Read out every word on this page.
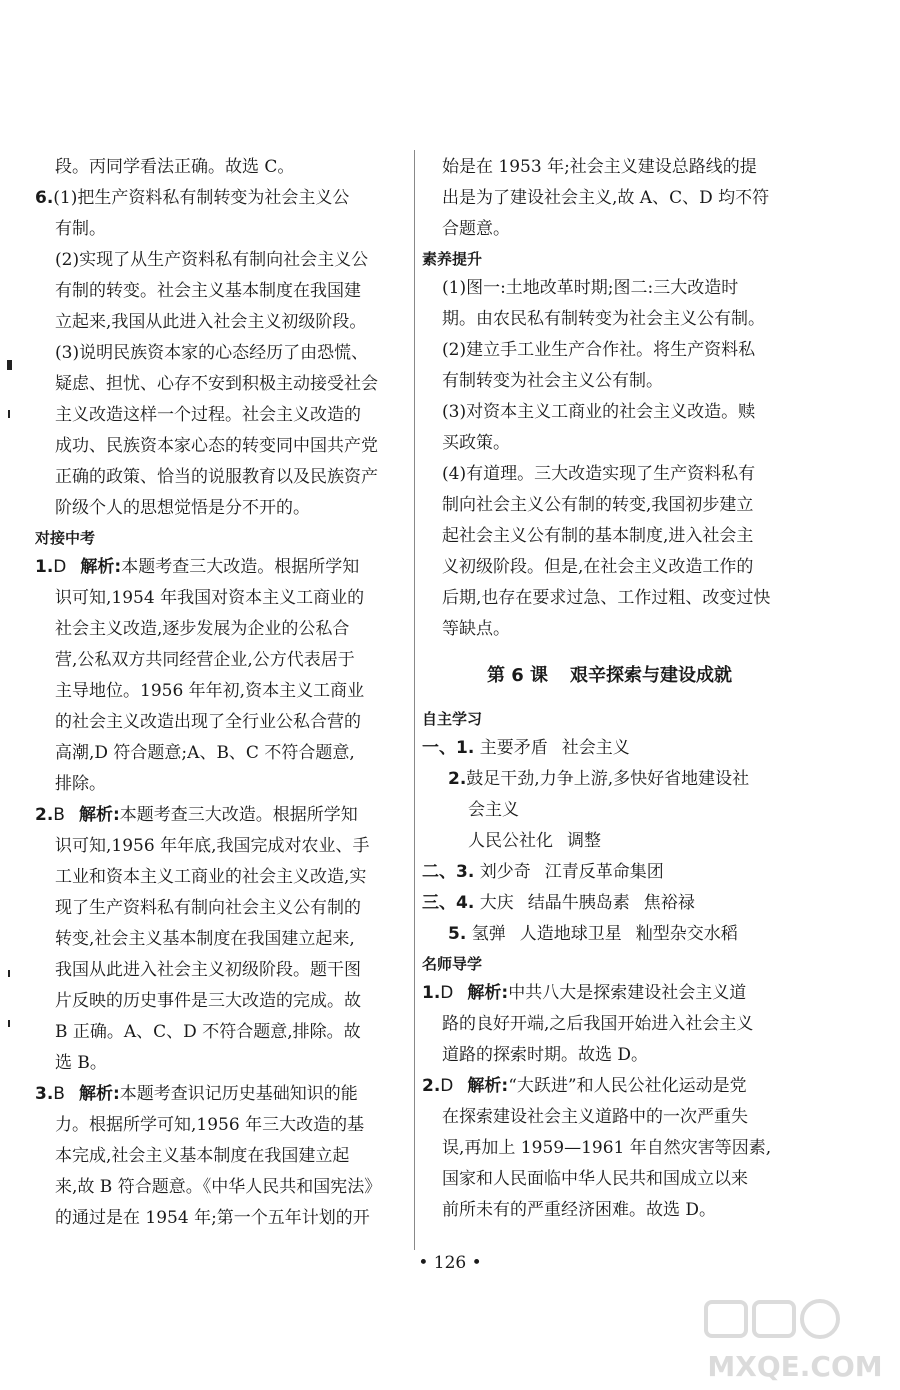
段。丙同学看法正确。故选 C。
6.(1)把生产资料私有制转变为社会主义公
有制。
(2)实现了从生产资料私有制向社会主义公
有制的转变。社会主义基本制度在我国建
立起来,我国从此进入社会主义初级阶段。
(3)说明民族资本家的心态经历了由恐慌、
疑虑、担忧、心存不安到积极主动接受社会
主义改造这样一个过程。社会主义改造的
成功、民族资本家心态的转变同中国共产党
正确的政策、恰当的说服教育以及民族资产
阶级个人的思想觉悟是分不开的。
对接中考
1.D 解析:本题考查三大改造。根据所学知
识可知,1954 年我国对资本主义工商业的
社会主义改造,逐步发展为企业的公私合
营,公私双方共同经营企业,公方代表居于
主导地位。1956 年年初,资本主义工商业
的社会主义改造出现了全行业公私合营的
高潮,D 符合题意;A、B、C 不符合题意,
排除。
2.B 解析:本题考查三大改造。根据所学知
识可知,1956 年年底,我国完成对农业、手
工业和资本主义工商业的社会主义改造,实
现了生产资料私有制向社会主义公有制的
转变,社会主义基本制度在我国建立起来,
我国从此进入社会主义初级阶段。题干图
片反映的历史事件是三大改造的完成。故
B 正确。A、C、D 不符合题意,排除。故
选 B。
3.B 解析:本题考查识记历史基础知识的能
力。根据所学可知,1956 年三大改造的基
本完成,社会主义基本制度在我国建立起
来,故 B 符合题意。《中华人民共和国宪法》
的通过是在 1954 年;第一个五年计划的开
始是在 1953 年;社会主义建设总路线的提
出是为了建设社会主义,故 A、C、D 均不符
合题意。
素养提升
(1)图一:土地改革时期;图二:三大改造时
期。由农民私有制转变为社会主义公有制。
(2)建立手工业生产合作社。将生产资料私
有制转变为社会主义公有制。
(3)对资本主义工商业的社会主义改造。赎
买政策。
(4)有道理。三大改造实现了生产资料私有
制向社会主义公有制的转变,我国初步建立
起社会主义公有制的基本制度,进入社会主
义初级阶段。但是,在社会主义改造工作的
后期,也存在要求过急、工作过粗、改变过快
等缺点。
第 6 课 艰辛探索与建设成就
自主学习
一、1. 主要矛盾 社会主义
2.鼓足干劲,力争上游,多快好省地建设社
会主义
人民公社化 调整
二、3. 刘少奇 江青反革命集团
三、4. 大庆 结晶牛胰岛素 焦裕禄
5. 氢弹 人造地球卫星 籼型杂交水稻
名师导学
1.D 解析:中共八大是探索建设社会主义道
路的良好开端,之后我国开始进入社会主义
道路的探索时期。故选 D。
2.D 解析:“大跃进”和人民公社化运动是党
在探索建设社会主义道路中的一次严重失
误,再加上 1959—1961 年自然灾害等因素,
国家和人民面临中华人民共和国成立以来
前所未有的严重经济困难。故选 D。
• 126 •
MXQE.COM
